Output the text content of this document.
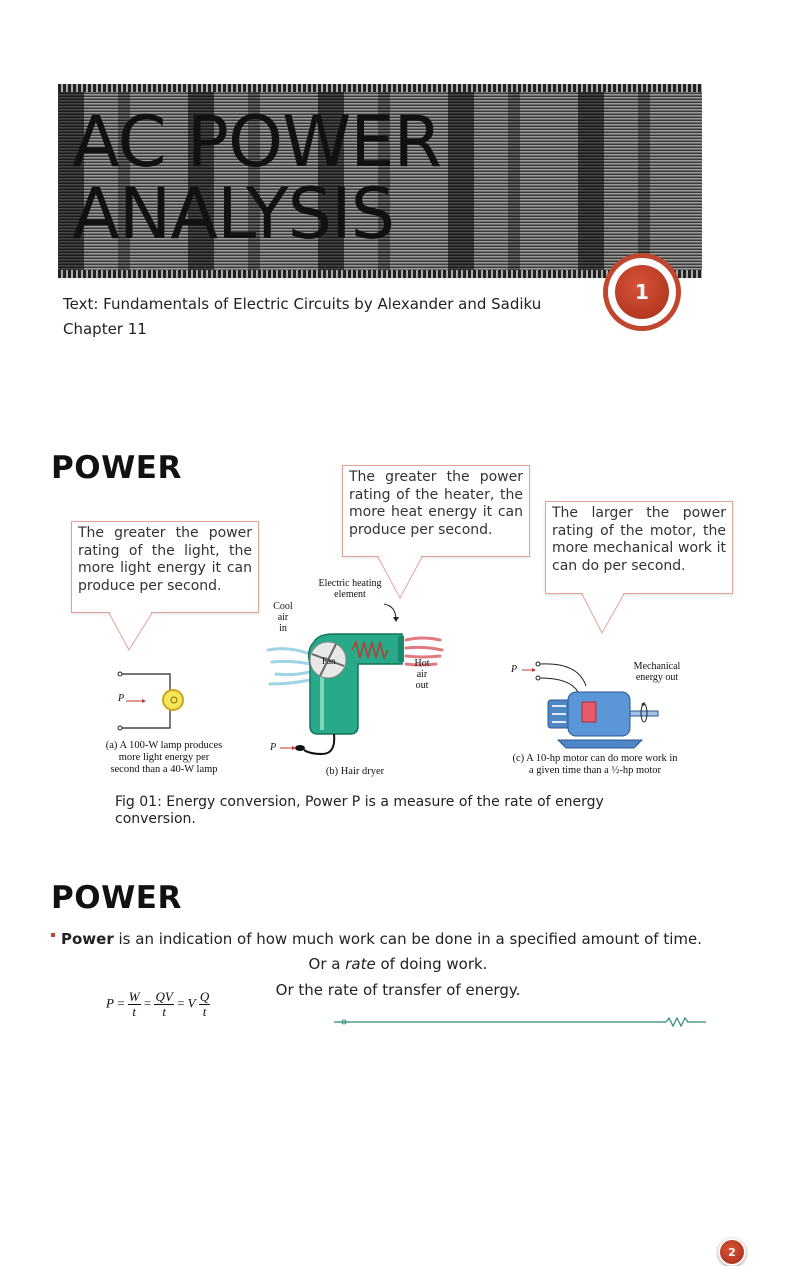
AC POWER
ANALYSIS
Text: Fundamentals of Electric Circuits by Alexander and Sadiku
Chapter 11
1
POWER
The greater the power rating of the light, the more light energy it can produce per second.
The greater the power rating of the heater, the more heat energy it can produce per second.
The larger the power rating of the motor, the more mechanical work it can do per second.
P
(a) A 100-W lamp produces
more light energy per
second than a 40-W lamp
Electric heating
element
Cool
air
in
Fan	Hot
air
out
P
(b) Hair dryer
P	Mechanical
energy out
(c) A 10-hp motor can do more work in
a given time than a ½-hp motor
Fig 01: Energy conversion, Power P is a measure of the rate of energy conversion.
2
POWER
Power is an indication of how much work can be done in a specified amount of time.
Or a rate of doing work.
Or the rate of transfer of energy.
$P = \frac{W}{t} = \frac{QV}{t} = V \frac{Q}{t}$
